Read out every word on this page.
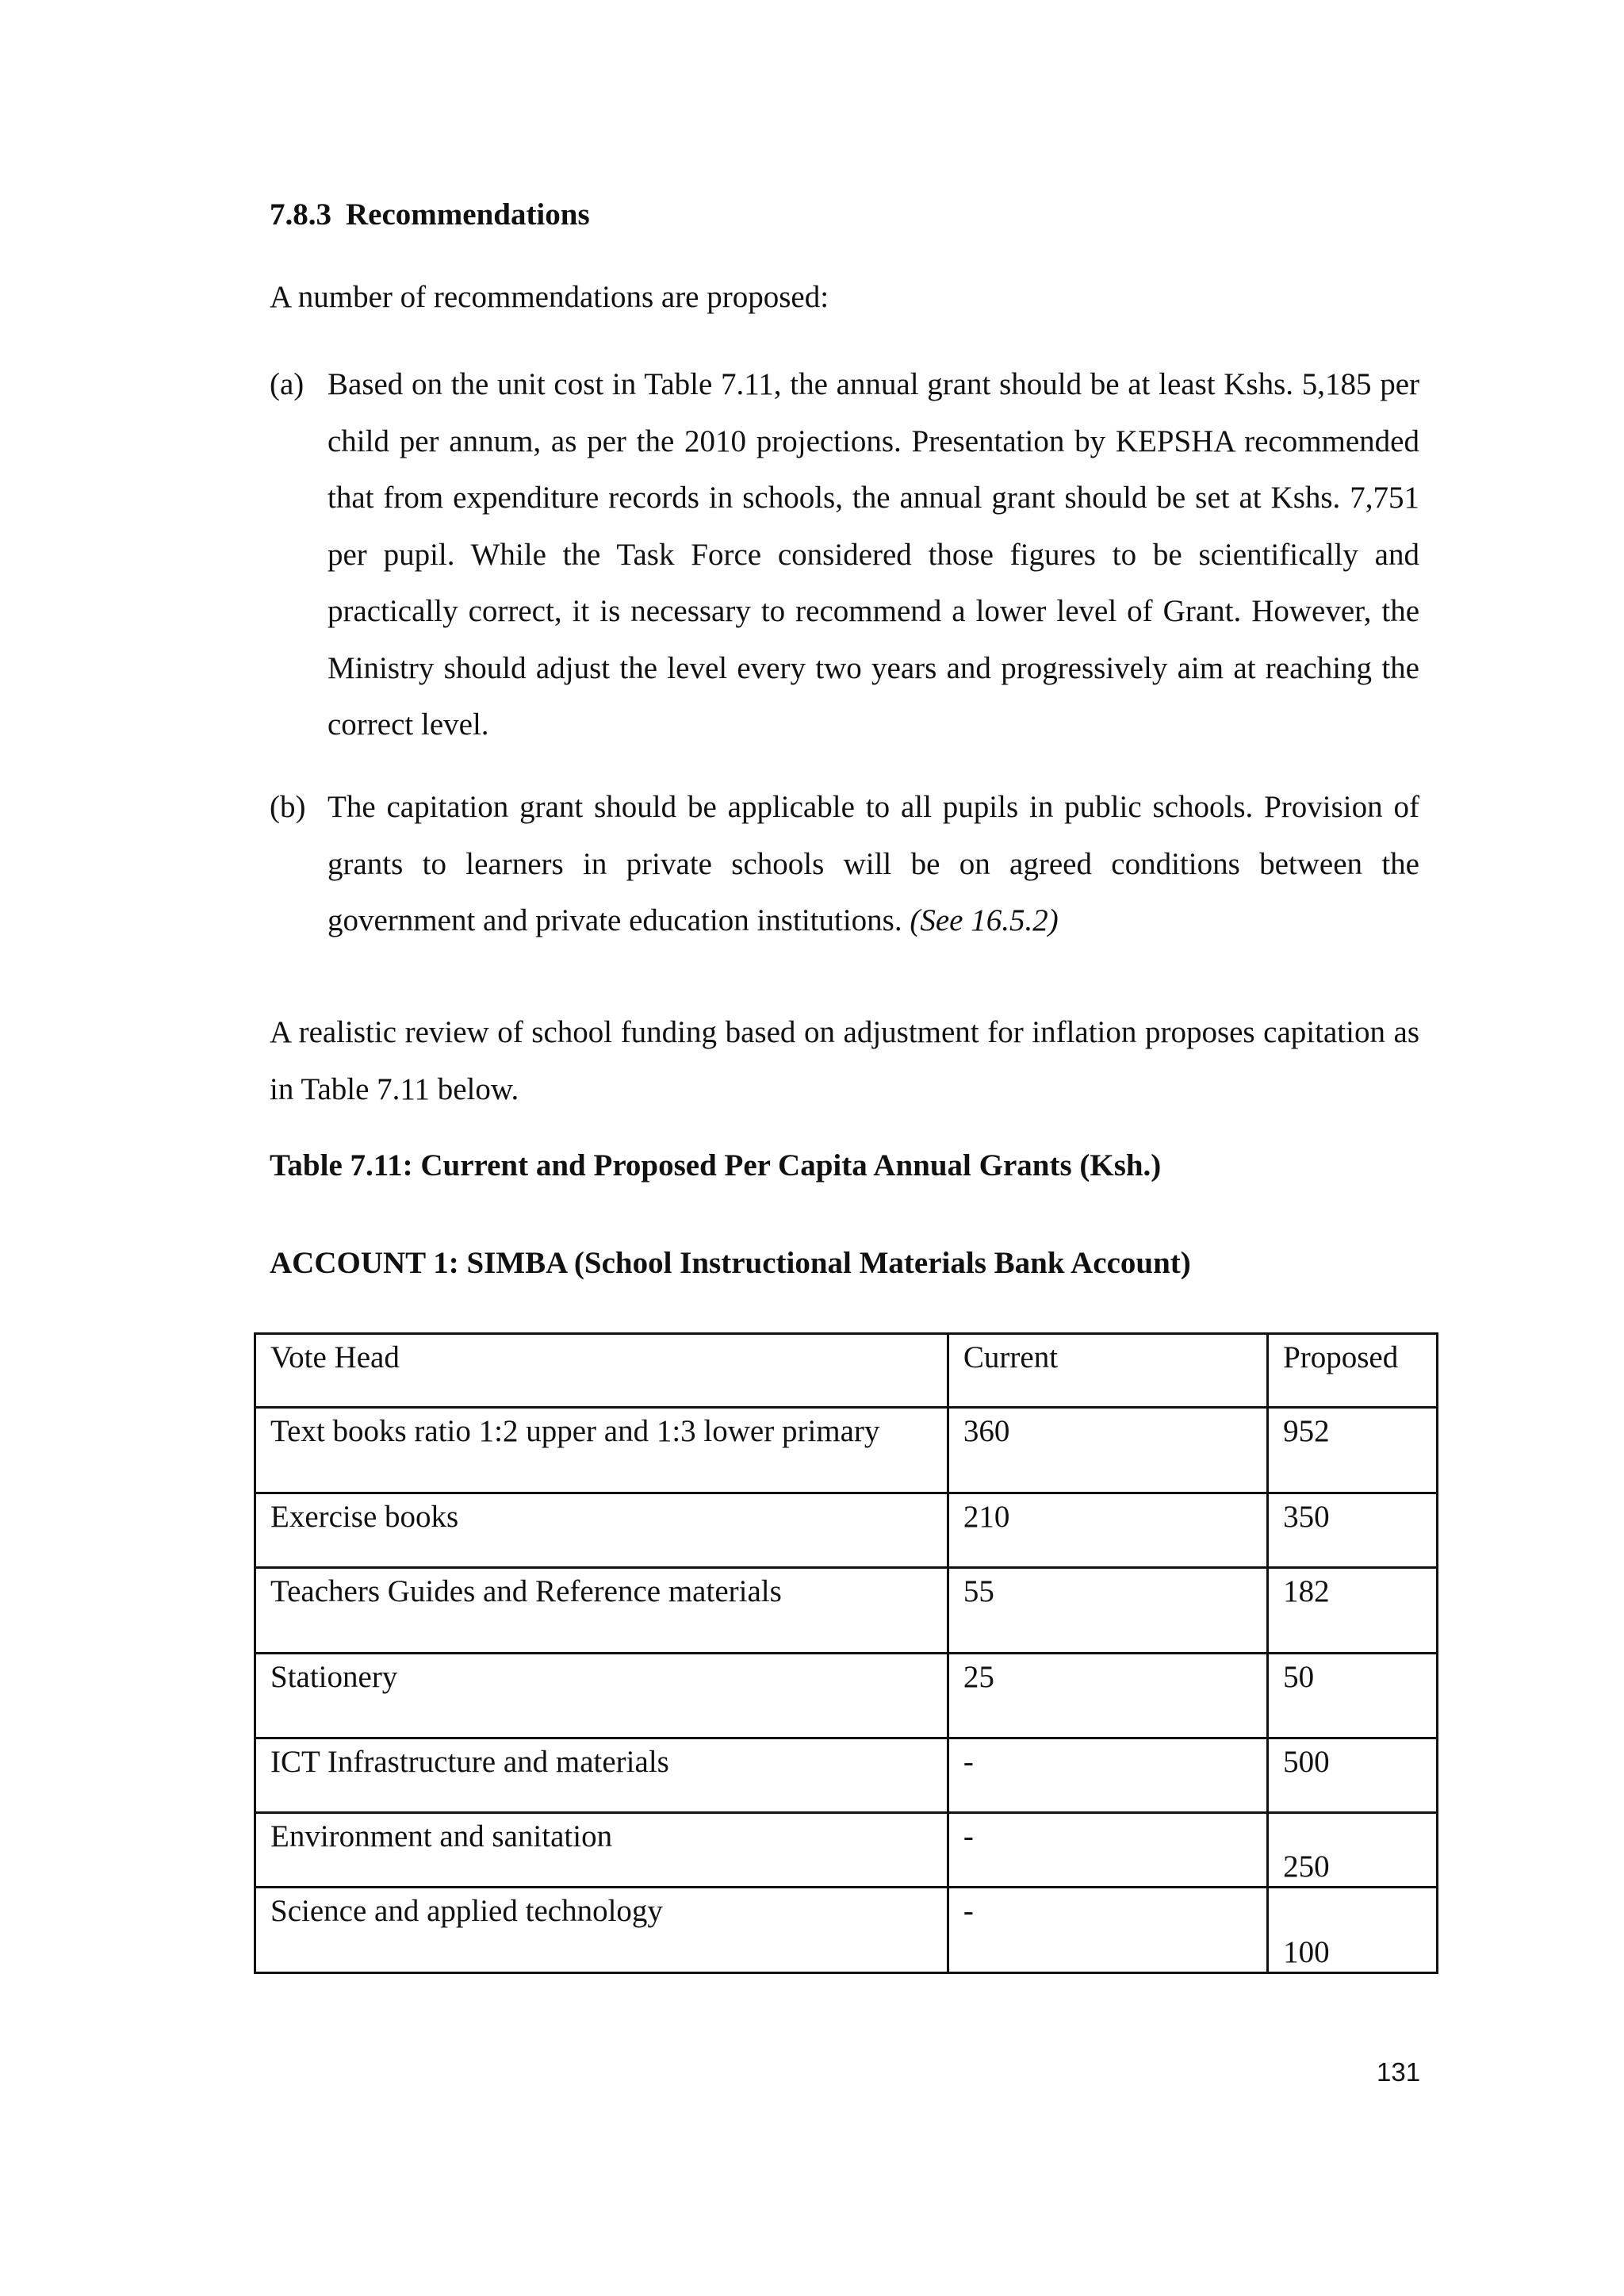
7.8.3 Recommendations

A number of recommendations are proposed:

(a) Based on the unit cost in Table 7.11, the annual grant should be at least Kshs. 5,185 per child per annum, as per the 2010 projections. Presentation by KEPSHA recommended that from expenditure records in schools, the annual grant should be set at Kshs. 7,751 per pupil. While the Task Force considered those figures to be scientifically and practically correct, it is necessary to recommend a lower level of Grant. However, the Ministry should adjust the level every two years and progressively aim at reaching the correct level.
(b) The capitation grant should be applicable to all pupils in public schools. Provision of grants to learners in private schools will be on agreed conditions between the government and private education institutions. (See 16.5.2)

A realistic review of school funding based on adjustment for inflation proposes capitation as in Table 7.11 below.

Table 7.11: Current and Proposed Per Capita Annual Grants (Ksh.)

ACCOUNT 1: SIMBA (School Instructional Materials Bank Account)

Vote Head	Current	Proposed
Text books ratio 1:2 upper and 1:3 lower primary	360	952
Exercise books	210	350
Teachers Guides and Reference materials	55	182
Stationery	25	50
ICT Infrastructure and materials	-	500
Environment and sanitation	-	250
Science and applied technology	-	100
131
